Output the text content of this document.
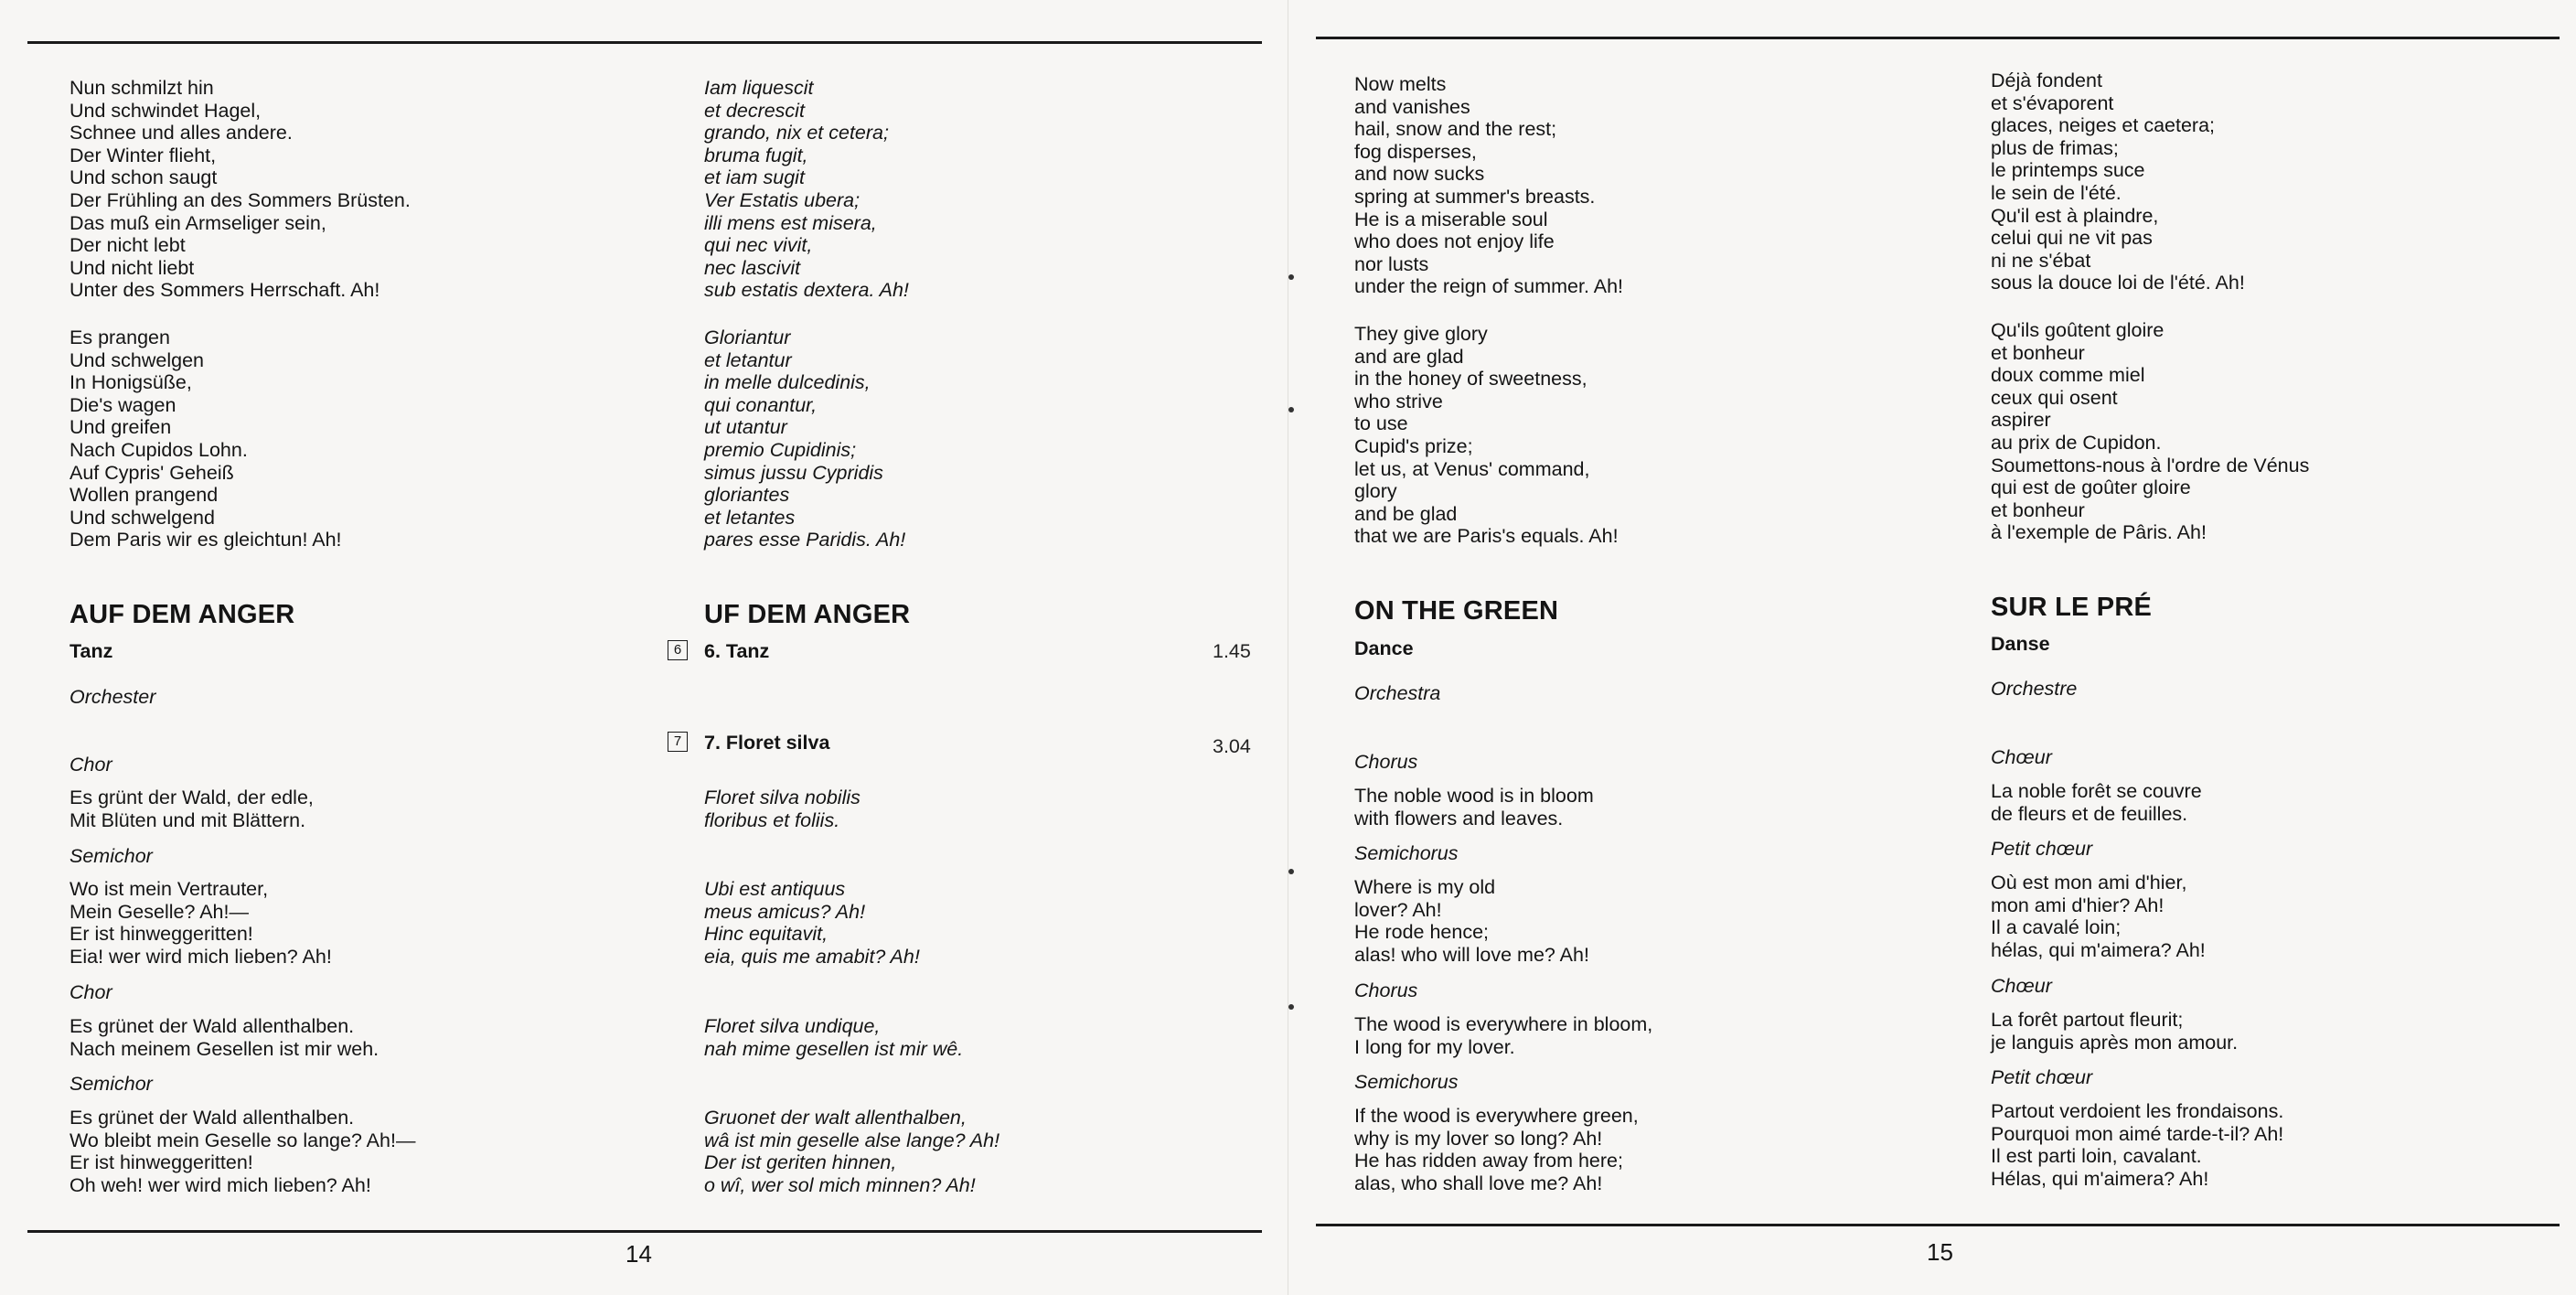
Nun schmilzt hin
Und schwindet Hagel,
Schnee und alles andere.
Der Winter flieht,
Und schon saugt
Der Frühling an des Sommers Brüsten.
Das muß ein Armseliger sein,
Der nicht lebt
Und nicht liebt
Unter des Sommers Herrschaft. Ah!
Es prangen
Und schwelgen
In Honigsüße,
Die's wagen
Und greifen
Nach Cupidos Lohn.
Auf Cypris' Geheiß
Wollen prangend
Und schwelgend
Dem Paris wir es gleichtun! Ah!
Iam liquescit
et decrescit
grando, nix et cetera;
bruma fugit,
et iam sugit
Ver Estatis ubera;
illi mens est misera,
qui nec vivit,
nec lascivit
sub estatis dextera. Ah!
Gloriantur
et letantur
in melle dulcedinis,
qui conantur,
ut utantur
premio Cupidinis;
simus jussu Cypridis
gloriantes
et letantes
pares esse Paridis. Ah!
AUF DEM ANGER
Tanz
Orchester
Chor
Es grünt der Wald, der edle,
Mit Blüten und mit Blättern.
Semichor
Wo ist mein Vertrauter,
Mein Geselle? Ah!—
Er ist hinweggeritten!
Eia! wer wird mich lieben? Ah!
Chor
Es grünet der Wald allenthalben.
Nach meinem Gesellen ist mir weh.
Semichor
Es grünet der Wald allenthalben.
Wo bleibt mein Geselle so lange? Ah!—
Er ist hinweggeritten!
Oh weh! wer wird mich lieben? Ah!
UF DEM ANGER
6	6. Tanz	1.45
7	7. Floret silva	3.04
Floret silva nobilis
floribus et foliis.
Ubi est antiquus
meus amicus? Ah!
Hinc equitavit,
eia, quis me amabit? Ah!
Floret silva undique,
nah mime gesellen ist mir wê.
Gruonet der walt allenthalben,
wâ ist min geselle alse lange? Ah!
Der ist geriten hinnen,
o wî, wer sol mich minnen? Ah!
14
Now melts
and vanishes
hail, snow and the rest;
fog disperses,
and now sucks
spring at summer's breasts.
He is a miserable soul
who does not enjoy life
nor lusts
under the reign of summer. Ah!
They give glory
and are glad
in the honey of sweetness,
who strive
to use
Cupid's prize;
let us, at Venus' command,
glory
and be glad
that we are Paris's equals. Ah!
Déjà fondent
et s'évaporent
glaces, neiges et caetera;
plus de frimas;
le printemps suce
le sein de l'été.
Qu'il est à plaindre,
celui qui ne vit pas
ni ne s'ébat
sous la douce loi de l'été. Ah!
Qu'ils goûtent gloire
et bonheur
doux comme miel
ceux qui osent
aspirer
au prix de Cupidon.
Soumettons-nous à l'ordre de Vénus
qui est de goûter gloire
et bonheur
à l'exemple de Pâris. Ah!
ON THE GREEN
Dance
Orchestra
Chorus
The noble wood is in bloom
with flowers and leaves.
Semichorus
Where is my old
lover? Ah!
He rode hence;
alas! who will love me? Ah!
Chorus
The wood is everywhere in bloom,
I long for my lover.
Semichorus
If the wood is everywhere green,
why is my lover so long? Ah!
He has ridden away from here;
alas, who shall love me? Ah!
SUR LE PRÉ
Danse
Orchestre
Chœur
La noble forêt se couvre
de fleurs et de feuilles.
Petit chœur
Où est mon ami d'hier,
mon ami d'hier? Ah!
Il a cavalé loin;
hélas, qui m'aimera? Ah!
Chœur
La forêt partout fleurit;
je languis après mon amour.
Petit chœur
Partout verdoient les frondaisons.
Pourquoi mon aimé tarde-t-il? Ah!
Il est parti loin, cavalant.
Hélas, qui m'aimera? Ah!
15
